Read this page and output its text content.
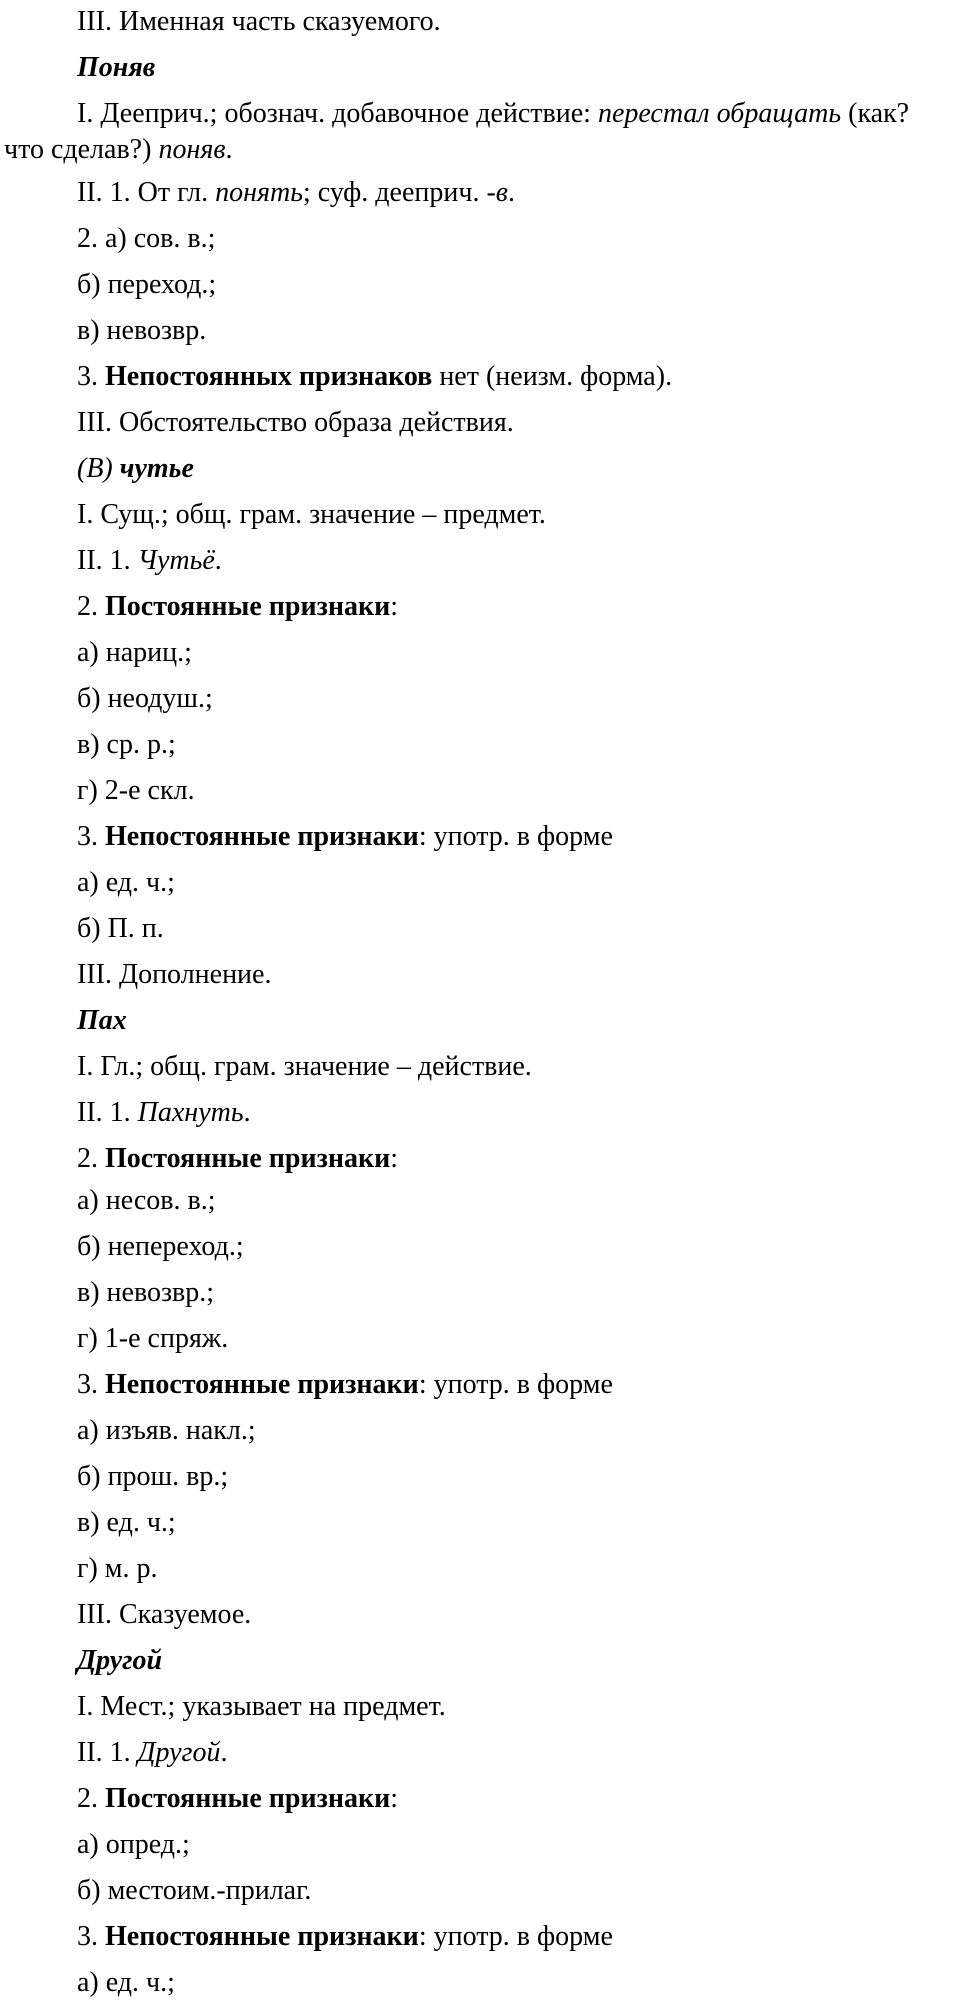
III. Именная часть сказуемого.
Поняв
I. Дееприч.; обознач. добавочное действие: перестал обращать (как?
что сделав?) поняв.
II. 1. От гл. понять; суф. дееприч. -в.
2. а) сов. в.;
б) переход.;
в) невозвр.
3. Непостоянных признаков нет (неизм. форма).
III. Обстоятельство образа действия.
(В) чутье
I. Сущ.; общ. грам. значение – предмет.
II. 1. Чутьё.
2. Постоянные признаки:
а) нариц.;
б) неодуш.;
в) ср. р.;
г) 2-е скл.
3. Непостоянные признаки: употр. в форме
а) ед. ч.;
б) П. п.
III. Дополнение.
Пах
I. Гл.; общ. грам. значение – действие.
II. 1. Пахнуть.
2. Постоянные признаки:
а) несов. в.;
б) непереход.;
в) невозвр.;
г) 1-е спряж.
3. Непостоянные признаки: употр. в форме
а) изъяв. накл.;
б) прош. вр.;
в) ед. ч.;
г) м. р.
III. Сказуемое.
Другой
I. Мест.; указывает на предмет.
II. 1. Другой.
2. Постоянные признаки:
а) опред.;
б) местоим.-прилаг.
3. Непостоянные признаки: употр. в форме
а) ед. ч.;
